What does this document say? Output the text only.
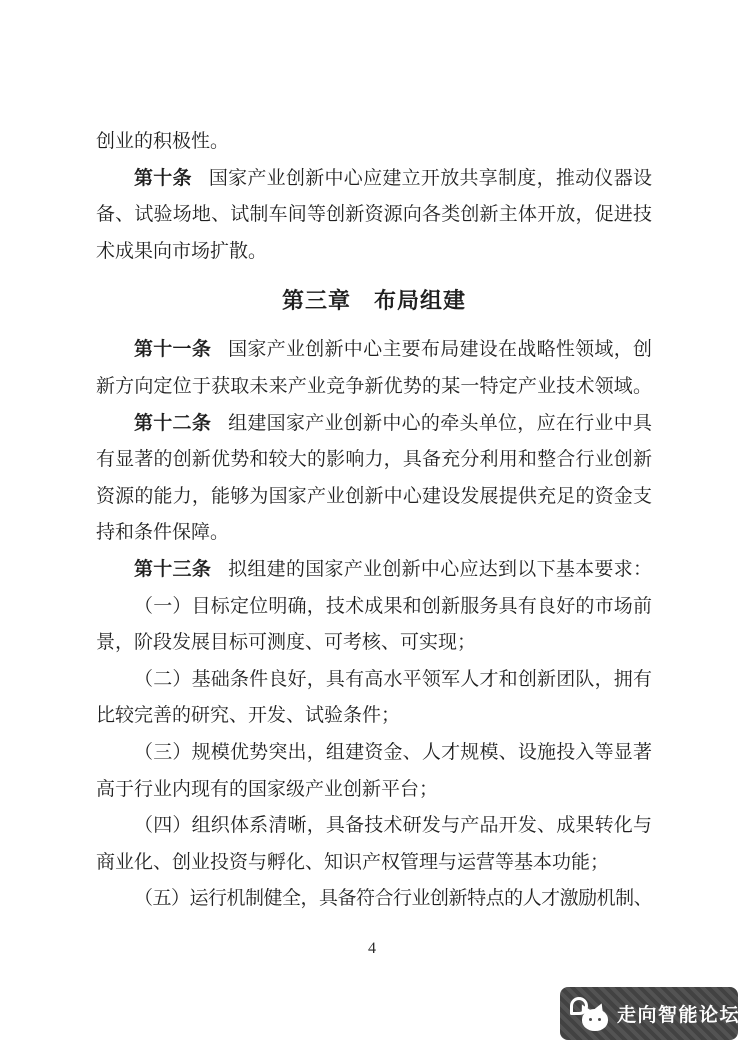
创业的积极性。
第十条 国家产业创新中心应建立开放共享制度，推动仪器设
备、试验场地、试制车间等创新资源向各类创新主体开放，促进技
术成果向市场扩散。
第三章　布局组建
第十一条 国家产业创新中心主要布局建设在战略性领域，创
新方向定位于获取未来产业竞争新优势的某一特定产业技术领域。
第十二条 组建国家产业创新中心的牵头单位，应在行业中具
有显著的创新优势和较大的影响力，具备充分利用和整合行业创新
资源的能力，能够为国家产业创新中心建设发展提供充足的资金支
持和条件保障。
第十三条 拟组建的国家产业创新中心应达到以下基本要求：
（一）目标定位明确，技术成果和创新服务具有良好的市场前
景，阶段发展目标可测度、可考核、可实现；
（二）基础条件良好，具有高水平领军人才和创新团队，拥有
比较完善的研究、开发、试验条件；
（三）规模优势突出，组建资金、人才规模、设施投入等显著
高于行业内现有的国家级产业创新平台；
（四）组织体系清晰，具备技术研发与产品开发、成果转化与
商业化、创业投资与孵化、知识产权管理与运营等基本功能；
（五）运行机制健全，具备符合行业创新特点的人才激励机制、
4
走向智能论坛
